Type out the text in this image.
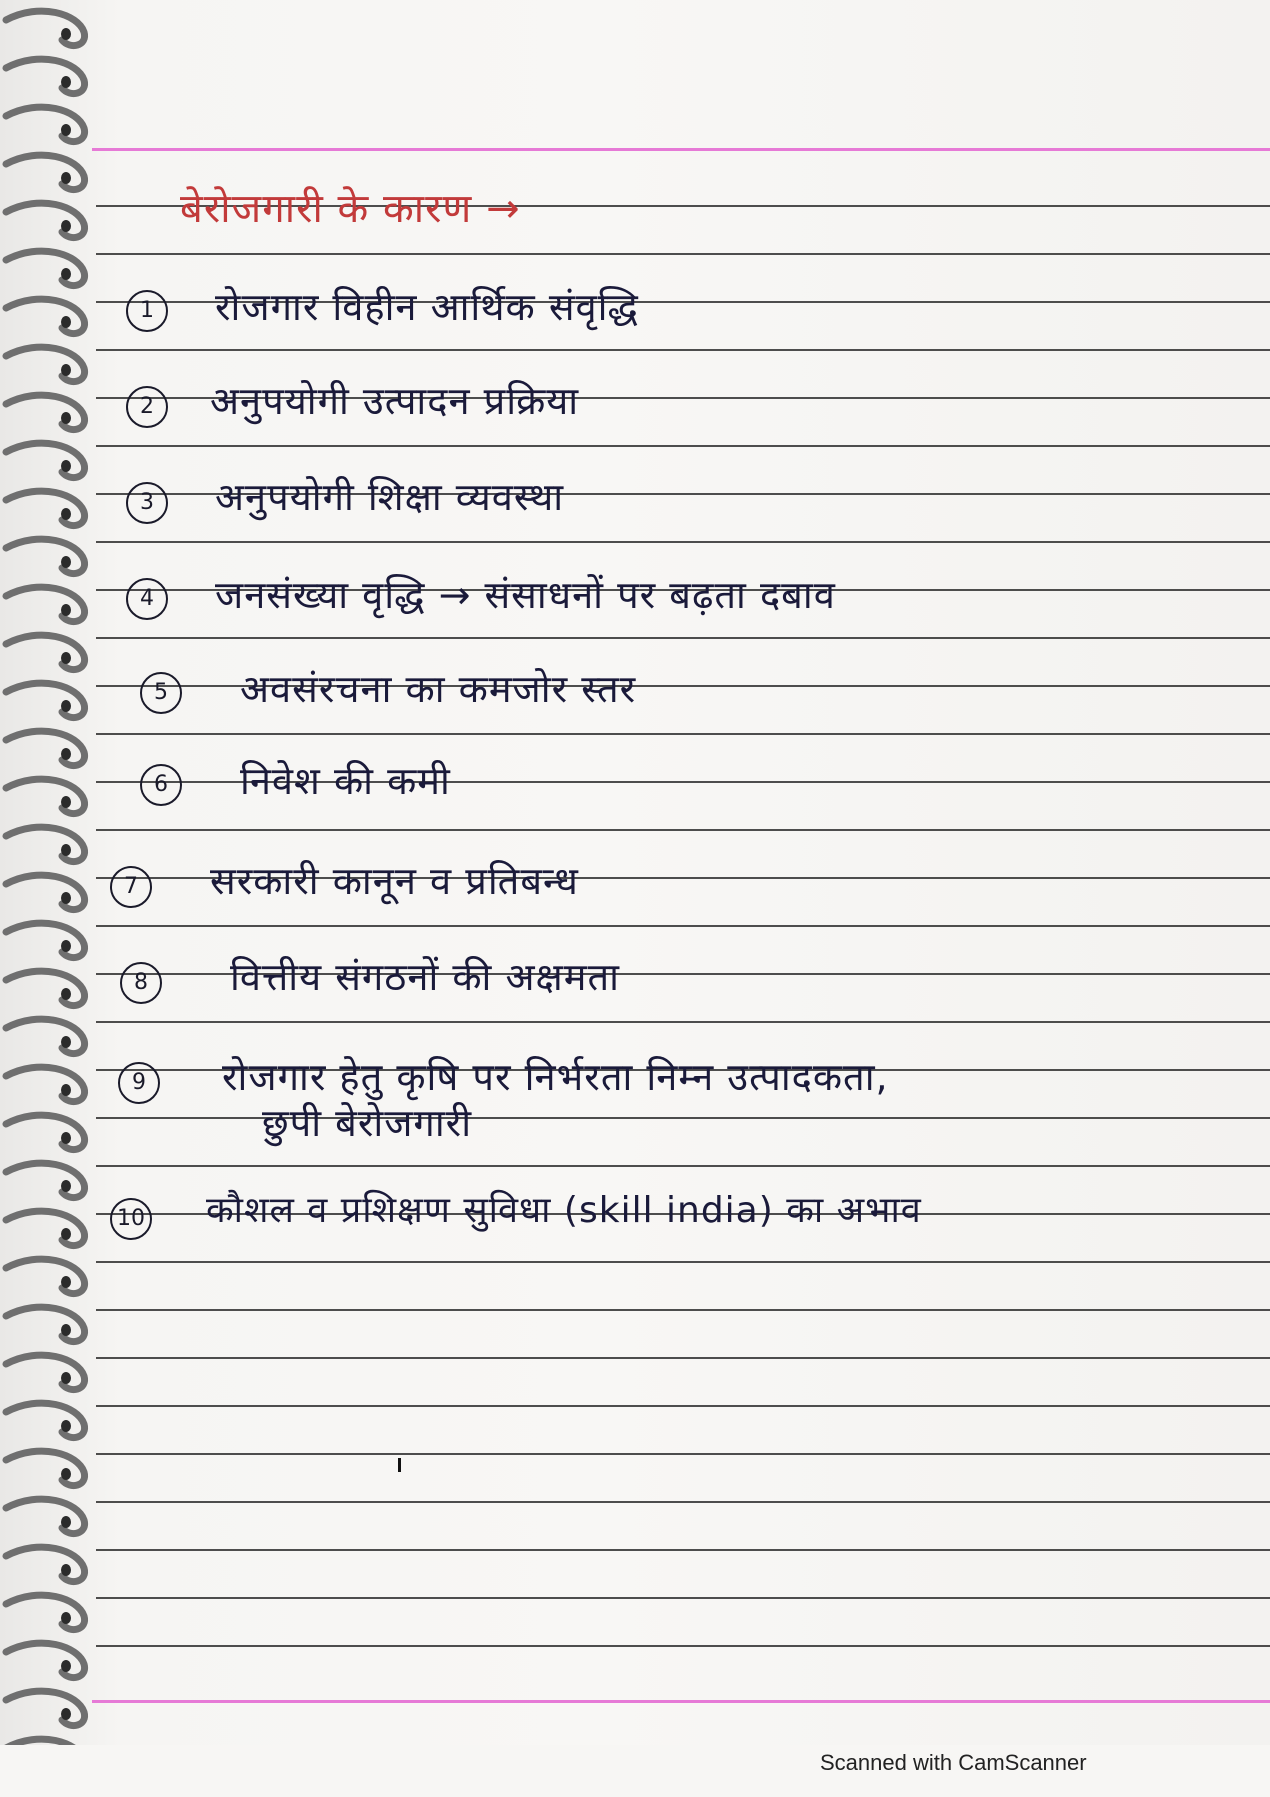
बेरोजगारी के कारण →
1	रोजगार विहीन आर्थिक संवृद्धि
2	अनुपयोगी उत्पादन प्रक्रिया
3	अनुपयोगी शिक्षा व्यवस्था
4	जनसंख्या वृद्धि → संसाधनों पर बढ़ता दबाव
5	अवसंरचना का कमजोर स्तर
6	निवेश की कमी
7	सरकारी कानून व प्रतिबन्ध
8	वित्तीय संगठनों की अक्षमता
9	रोजगार हेतु कृषि पर निर्भरता निम्न उत्पादकता,
छुपी बेरोजगारी
10 कौशल व प्रशिक्षण सुविधा (skill india) का अभाव
Scanned with CamScanner
